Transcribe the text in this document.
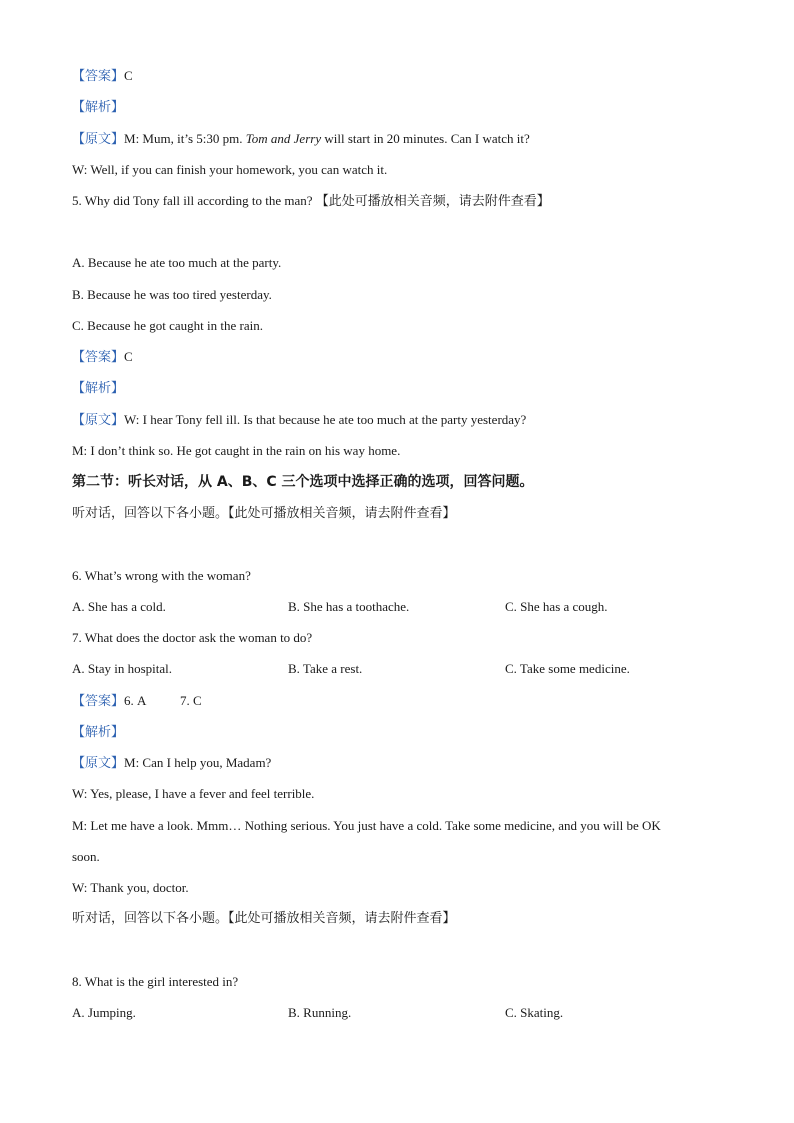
【答案】C
【解析】
【原文】M: Mum, it’s 5:30 pm. Tom and Jerry will start in 20 minutes. Can I watch it?
W: Well, if you can finish your homework, you can watch it.
5. Why did Tony fall ill according to the man? 【此处可播放相关音频，请去附件查看】
A. Because he ate too much at the party.
B. Because he was too tired yesterday.
C. Because he got caught in the rain.
【答案】C
【解析】
【原文】W: I hear Tony fell ill. Is that because he ate too much at the party yesterday?
M: I don’t think so. He got caught in the rain on his way home.
第二节：听长对话，从 A、B、C 三个选项中选择正确的选项，回答问题。
听对话，回答以下各小题。【此处可播放相关音频，请去附件查看】
6. What’s wrong with the woman?
A. She has a cold.	B. She has a toothache.	C. She has a cough.
7. What does the doctor ask the woman to do?
A. Stay in hospital.	B. Take a rest.	C. Take some medicine.
【答案】6. A	7. C
【解析】
【原文】M: Can I help you, Madam?
W: Yes, please, I have a fever and feel terrible.
M: Let me have a look. Mmm… Nothing serious. You just have a cold. Take some medicine, and you will be OK
soon.
W: Thank you, doctor.
听对话，回答以下各小题。【此处可播放相关音频，请去附件查看】
8. What is the girl interested in?
A. Jumping.	B. Running.	C. Skating.
